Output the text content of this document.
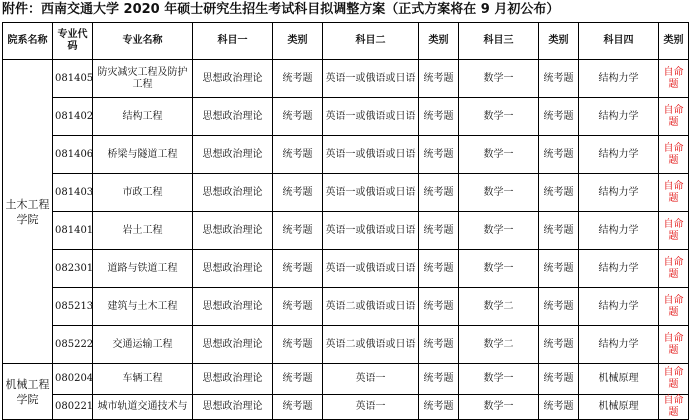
附件：西南交通大学 2020 年硕士研究生招生考试科目拟调整方案（正式方案将在 9 月初公布）
院系名称	专业代码	专业名称	科目一	类别	科目二	类别	科目三	类别	科目四	类别
土木工程学院	081405	防灾减灾工程及防护工程	思想政治理论	统考题	英语一或俄语或日语	统考题	数学一	统考题	结构力学	自命题
	081402	结构工程	思想政治理论	统考题	英语一或俄语或日语	统考题	数学一	统考题	结构力学	自命题
	081406	桥梁与隧道工程	思想政治理论	统考题	英语一或俄语或日语	统考题	数学一	统考题	结构力学	自命题
	081403	市政工程	思想政治理论	统考题	英语一或俄语或日语	统考题	数学一	统考题	结构力学	自命题
	081401	岩土工程	思想政治理论	统考题	英语一或俄语或日语	统考题	数学一	统考题	结构力学	自命题
	082301	道路与铁道工程	思想政治理论	统考题	英语一或俄语或日语	统考题	数学一	统考题	结构力学	自命题
	085213	建筑与土木工程	思想政治理论	统考题	英语二或俄语或日语	统考题	数学二	统考题	结构力学	自命题
	085222	交通运输工程	思想政治理论	统考题	英语二或俄语或日语	统考题	数学二	统考题	结构力学	自命题
机械工程学院	080204	车辆工程	思想政治理论	统考题	英语一	统考题	数学一	统考题	机械原理	自命题
	080221	城市轨道交通技术与	思想政治理论	统考题	英语一	统考题	数学一	统考题	机械原理	自命题
